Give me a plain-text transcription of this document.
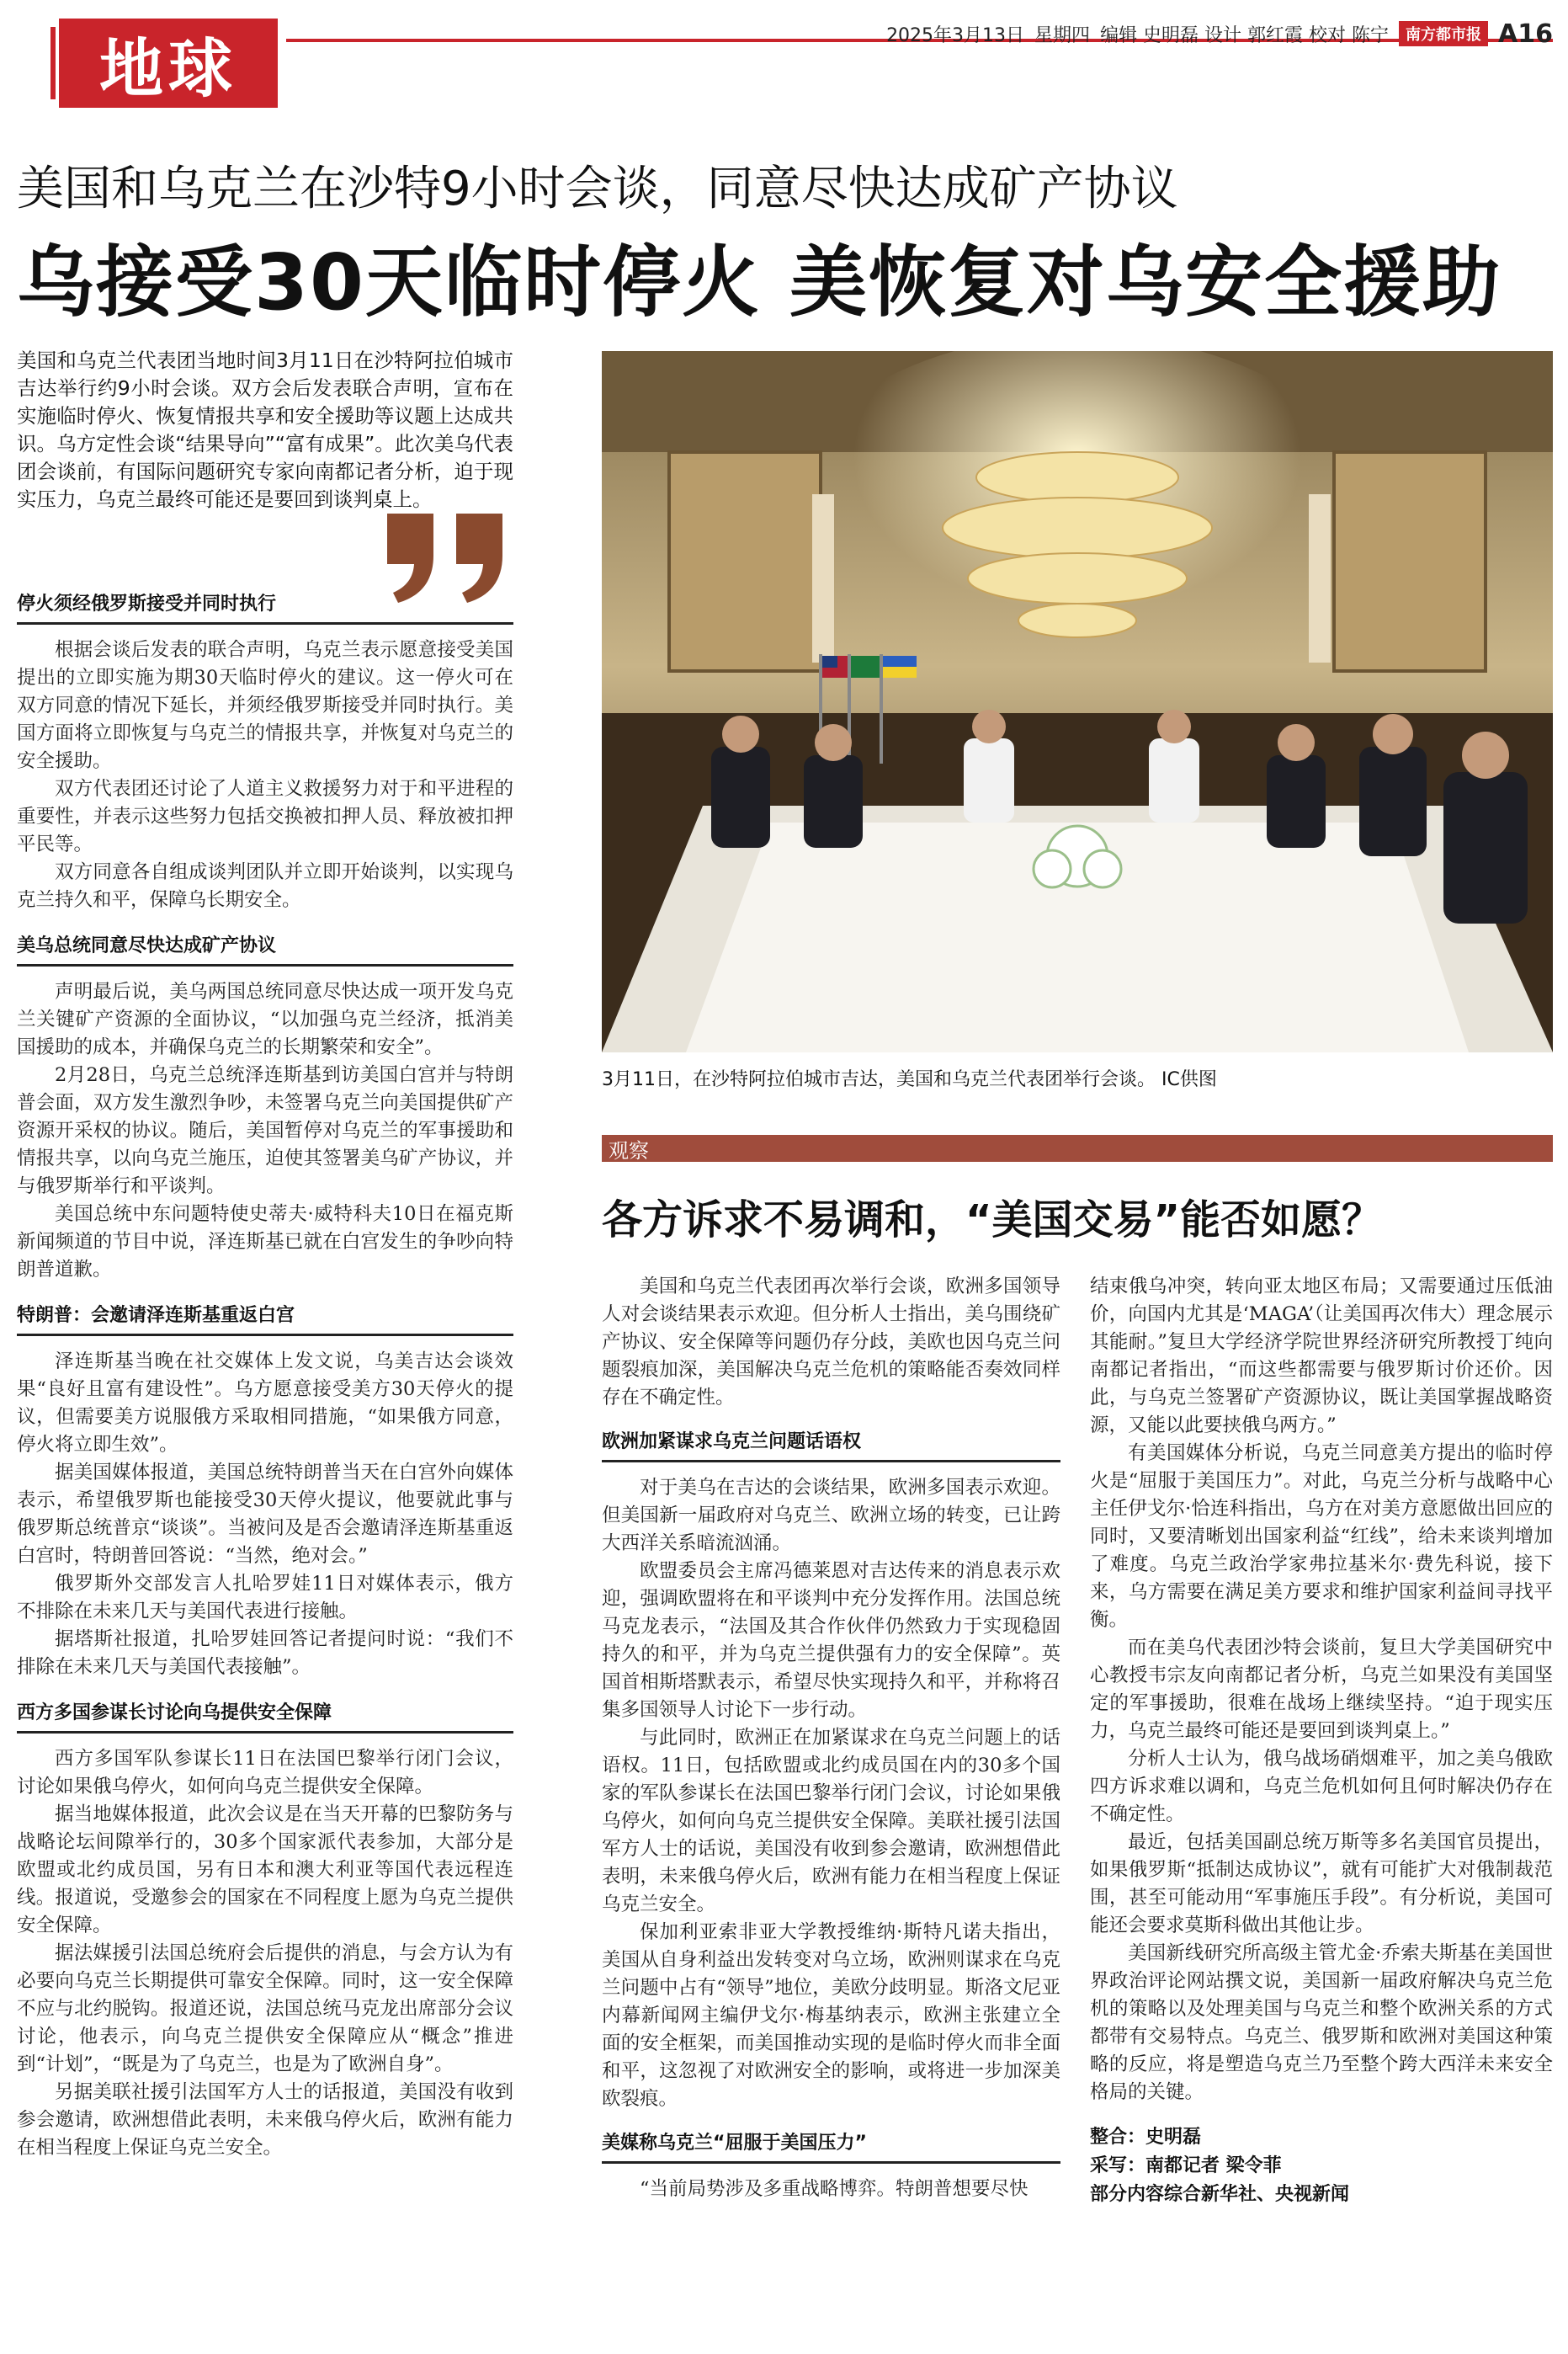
地球	2025年3月13日 星期四 编辑 史明磊 设计 郭红霞 校对 陈宁	南方都市报 A16
美国和乌克兰在沙特9小时会谈，同意尽快达成矿产协议
乌接受30天临时停火 美恢复对乌安全援助
美国和乌克兰代表团当地时间3月11日在沙特阿拉伯城市吉达举行约9小时会谈。双方会后发表联合声明，宣布在实施临时停火、恢复情报共享和安全援助等议题上达成共识。乌方定性会谈“结果导向”“富有成果”。此次美乌代表团会谈前，有国际问题研究专家向南都记者分析，迫于现实压力，乌克兰最终可能还是要回到谈判桌上。
停火须经俄罗斯接受并同时执行

根据会谈后发表的联合声明，乌克兰表示愿意接受美国提出的立即实施为期30天临时停火的建议。这一停火可在双方同意的情况下延长，并须经俄罗斯接受并同时执行。美国方面将立即恢复与乌克兰的情报共享，并恢复对乌克兰的安全援助。

双方代表团还讨论了人道主义救援努力对于和平进程的重要性，并表示这些努力包括交换被扣押人员、释放被扣押平民等。

双方同意各自组成谈判团队并立即开始谈判，以实现乌克兰持久和平，保障乌长期安全。

美乌总统同意尽快达成矿产协议

声明最后说，美乌两国总统同意尽快达成一项开发乌克兰关键矿产资源的全面协议，“以加强乌克兰经济，抵消美国援助的成本，并确保乌克兰的长期繁荣和安全”。

2月28日，乌克兰总统泽连斯基到访美国白宫并与特朗普会面，双方发生激烈争吵，未签署乌克兰向美国提供矿产资源开采权的协议。随后，美国暂停对乌克兰的军事援助和情报共享，以向乌克兰施压，迫使其签署美乌矿产协议，并与俄罗斯举行和平谈判。

美国总统中东问题特使史蒂夫·威特科夫10日在福克斯新闻频道的节目中说，泽连斯基已就在白宫发生的争吵向特朗普道歉。

特朗普：会邀请泽连斯基重返白宫

泽连斯基当晚在社交媒体上发文说，乌美吉达会谈效果“良好且富有建设性”。乌方愿意接受美方30天停火的提议，但需要美方说服俄方采取相同措施，“如果俄方同意，停火将立即生效”。

据美国媒体报道，美国总统特朗普当天在白宫外向媒体表示，希望俄罗斯也能接受30天停火提议，他要就此事与俄罗斯总统普京“谈谈”。当被问及是否会邀请泽连斯基重返白宫时，特朗普回答说：“当然，绝对会。”

俄罗斯外交部发言人扎哈罗娃11日对媒体表示，俄方不排除在未来几天与美国代表进行接触。

据塔斯社报道，扎哈罗娃回答记者提问时说：“我们不排除在未来几天与美国代表接触”。

西方多国参谋长讨论向乌提供安全保障

西方多国军队参谋长11日在法国巴黎举行闭门会议，讨论如果俄乌停火，如何向乌克兰提供安全保障。

据当地媒体报道，此次会议是在当天开幕的巴黎防务与战略论坛间隙举行的，30多个国家派代表参加，大部分是欧盟或北约成员国，另有日本和澳大利亚等国代表远程连线。报道说，受邀参会的国家在不同程度上愿为乌克兰提供安全保障。

据法媒援引法国总统府会后提供的消息，与会方认为有必要向乌克兰长期提供可靠安全保障。同时，这一安全保障不应与北约脱钩。报道还说，法国总统马克龙出席部分会议讨论，他表示，向乌克兰提供安全保障应从“概念”推进到“计划”，“既是为了乌克兰，也是为了欧洲自身”。

另据美联社援引法国军方人士的话报道，美国没有收到参会邀请，欧洲想借此表明，未来俄乌停火后，欧洲有能力在相当程度上保证乌克兰安全。

3月11日，在沙特阿拉伯城市吉达，美国和乌克兰代表团举行会谈。 IC供图
观察
各方诉求不易调和，“美国交易”能否如愿？

美国和乌克兰代表团再次举行会谈，欧洲多国领导人对会谈结果表示欢迎。但分析人士指出，美乌围绕矿产协议、安全保障等问题仍存分歧，美欧也因乌克兰问题裂痕加深，美国解决乌克兰危机的策略能否奏效同样存在不确定性。

欧洲加紧谋求乌克兰问题话语权

对于美乌在吉达的会谈结果，欧洲多国表示欢迎。但美国新一届政府对乌克兰、欧洲立场的转变，已让跨大西洋关系暗流汹涌。

欧盟委员会主席冯德莱恩对吉达传来的消息表示欢迎，强调欧盟将在和平谈判中充分发挥作用。法国总统马克龙表示，“法国及其合作伙伴仍然致力于实现稳固持久的和平，并为乌克兰提供强有力的安全保障”。英国首相斯塔默表示，希望尽快实现持久和平，并称将召集多国领导人讨论下一步行动。

与此同时，欧洲正在加紧谋求在乌克兰问题上的话语权。11日，包括欧盟或北约成员国在内的30多个国家的军队参谋长在法国巴黎举行闭门会议，讨论如果俄乌停火，如何向乌克兰提供安全保障。美联社援引法国军方人士的话说，美国没有收到参会邀请，欧洲想借此表明，未来俄乌停火后，欧洲有能力在相当程度上保证乌克兰安全。

保加利亚索非亚大学教授维纳·斯特凡诺夫指出，美国从自身利益出发转变对乌立场，欧洲则谋求在乌克兰问题中占有“领导”地位，美欧分歧明显。斯洛文尼亚内幕新闻网主编伊戈尔·梅基纳表示，欧洲主张建立全面的安全框架，而美国推动实现的是临时停火而非全面和平，这忽视了对欧洲安全的影响，或将进一步加深美欧裂痕。

美媒称乌克兰“屈服于美国压力”

“当前局势涉及多重战略博弈。特朗普想要尽快

结束俄乌冲突，转向亚太地区布局；又需要通过压低油价，向国内尤其是‘MAGA’（让美国再次伟大）理念展示其能耐。”复旦大学经济学院世界经济研究所教授丁纯向南都记者指出，“而这些都需要与俄罗斯讨价还价。因此，与乌克兰签署矿产资源协议，既让美国掌握战略资源，又能以此要挟俄乌两方。”

有美国媒体分析说，乌克兰同意美方提出的临时停火是“屈服于美国压力”。对此，乌克兰分析与战略中心主任伊戈尔·恰连科指出，乌方在对美方意愿做出回应的同时，又要清晰划出国家利益“红线”，给未来谈判增加了难度。乌克兰政治学家弗拉基米尔·费先科说，接下来，乌方需要在满足美方要求和维护国家利益间寻找平衡。

而在美乌代表团沙特会谈前，复旦大学美国研究中心教授韦宗友向南都记者分析，乌克兰如果没有美国坚定的军事援助，很难在战场上继续坚持。“迫于现实压力，乌克兰最终可能还是要回到谈判桌上。”

分析人士认为，俄乌战场硝烟难平，加之美乌俄欧四方诉求难以调和，乌克兰危机如何且何时解决仍存在不确定性。

最近，包括美国副总统万斯等多名美国官员提出，如果俄罗斯“抵制达成协议”，就有可能扩大对俄制裁范围，甚至可能动用“军事施压手段”。有分析说，美国可能还会要求莫斯科做出其他让步。

美国新线研究所高级主管尤金·乔索夫斯基在美国世界政治评论网站撰文说，美国新一届政府解决乌克兰危机的策略以及处理美国与乌克兰和整个欧洲关系的方式都带有交易特点。乌克兰、俄罗斯和欧洲对美国这种策略的反应，将是塑造乌克兰乃至整个跨大西洋未来安全格局的关键。

整合：史明磊
采写：南都记者 梁令菲
部分内容综合新华社、央视新闻
